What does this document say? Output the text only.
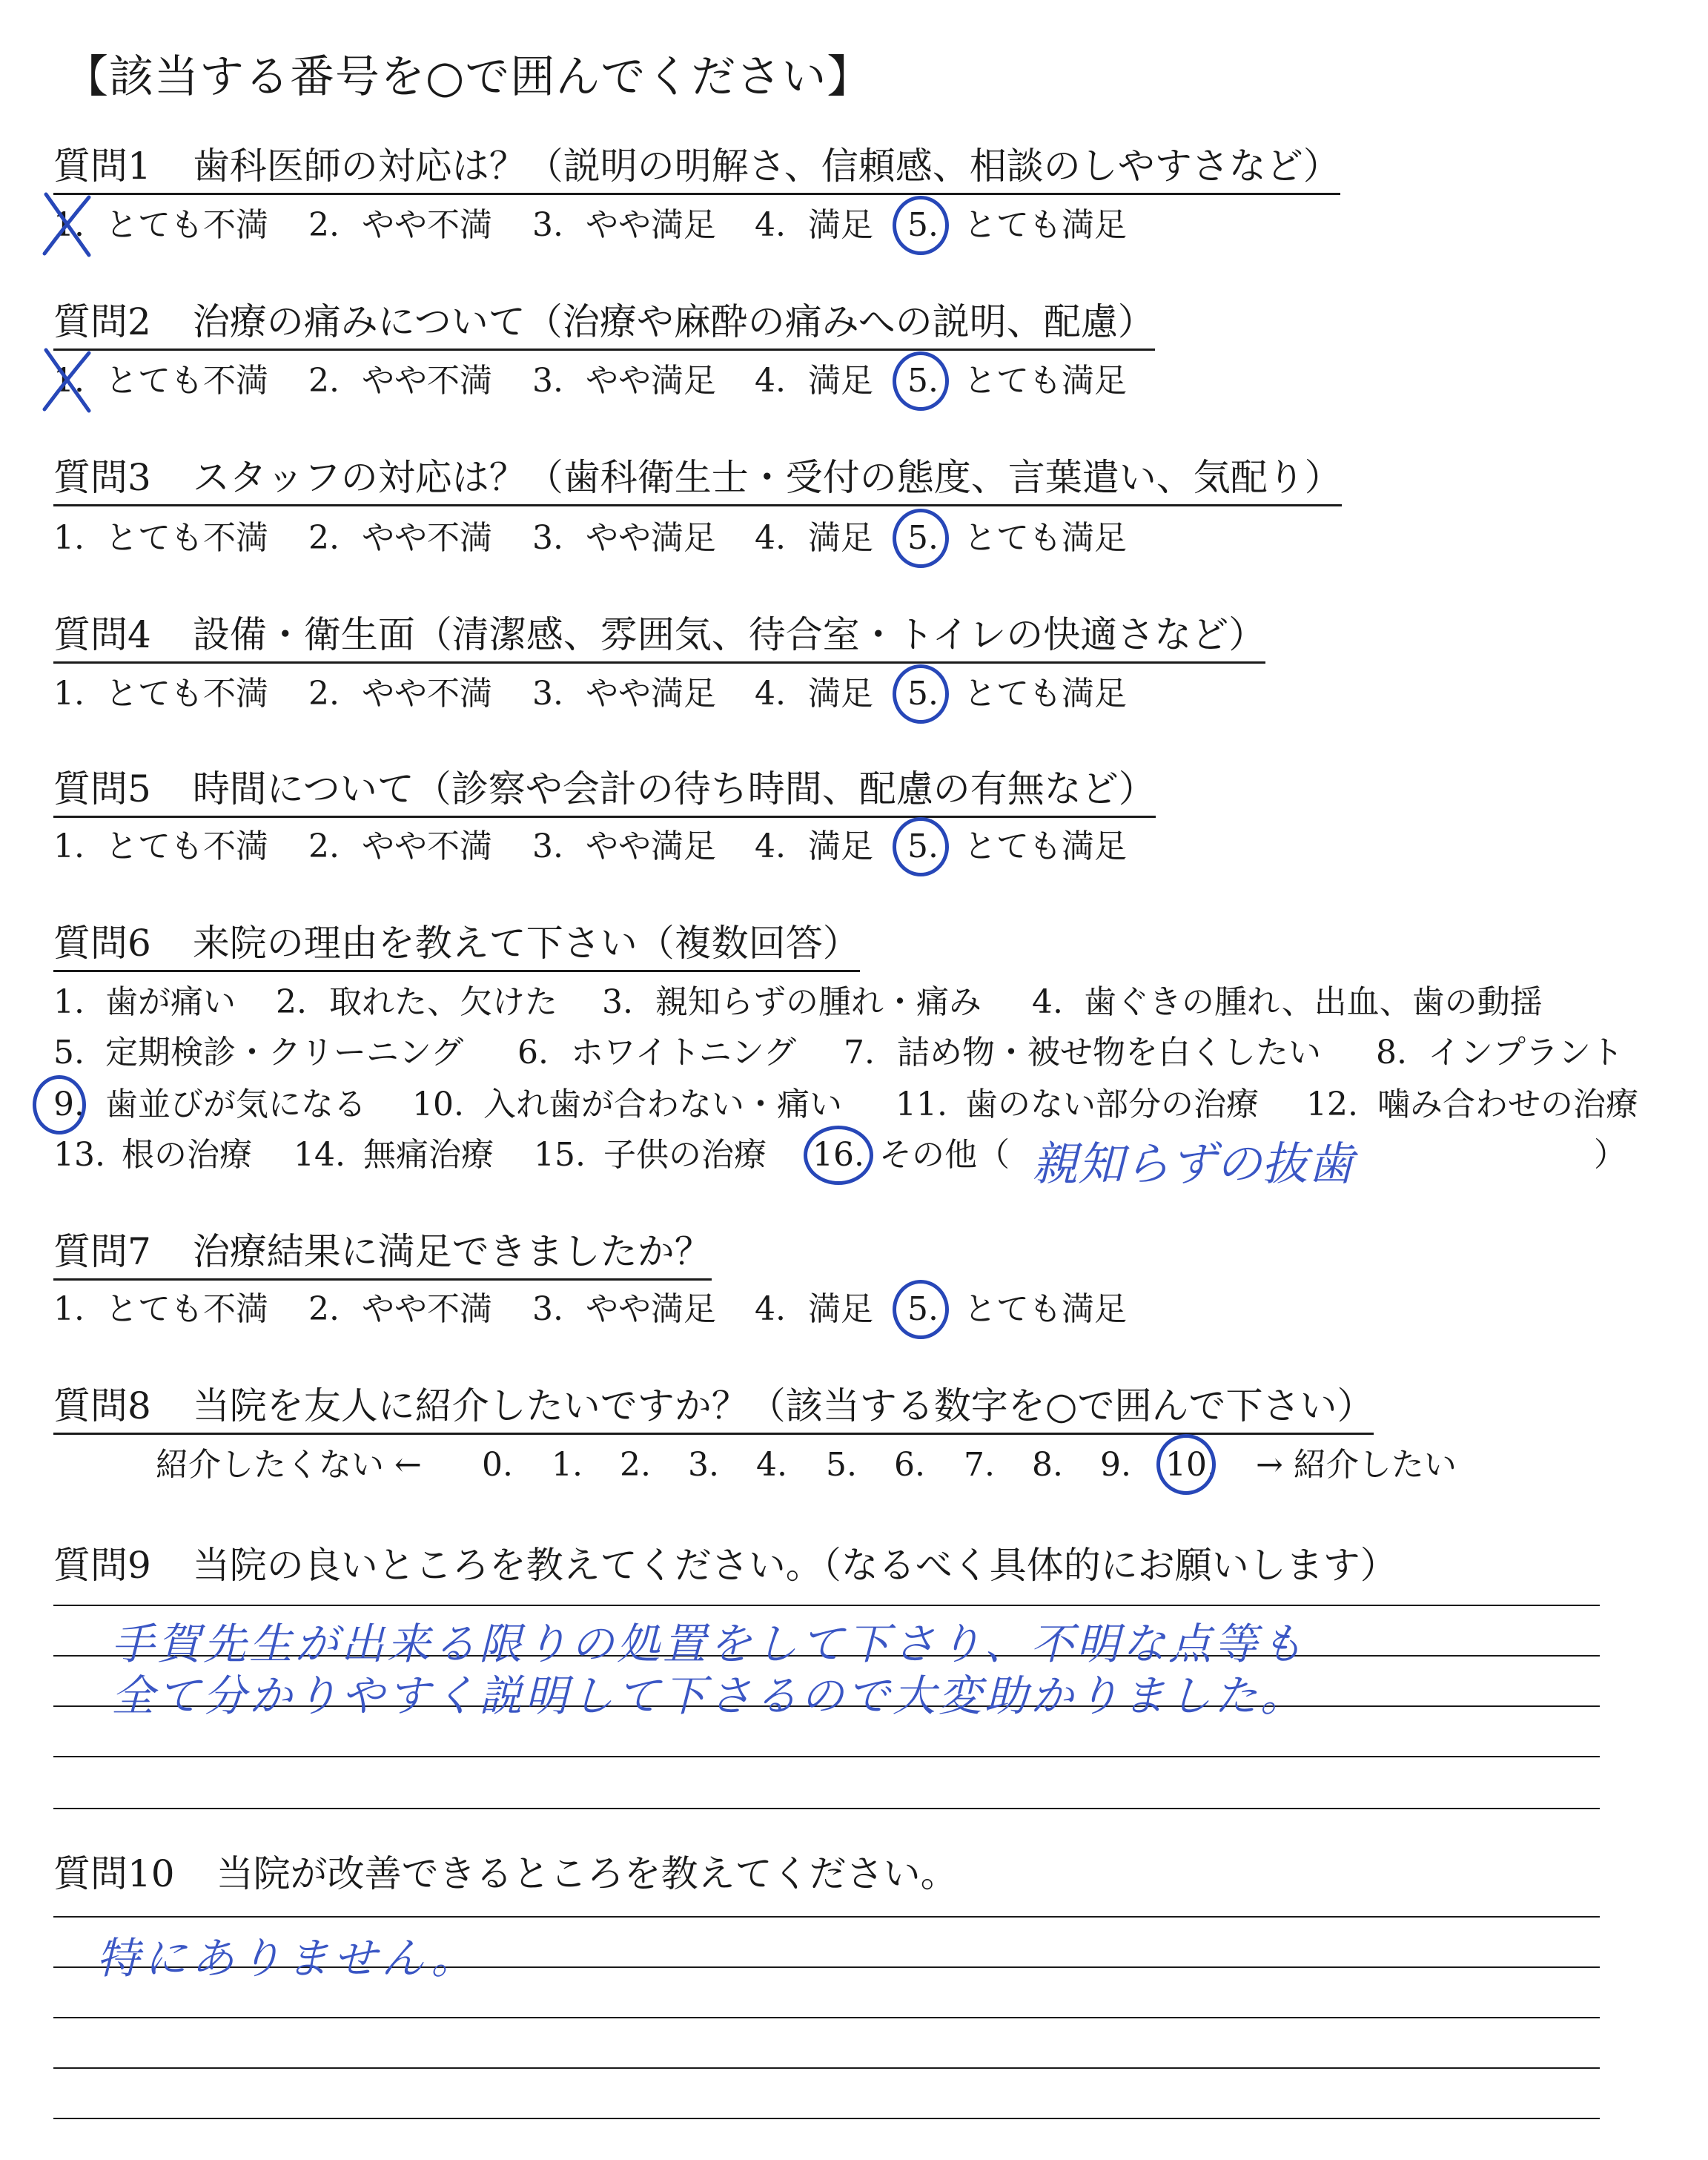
【該当する番号を○で囲んでください】
質問1 歯科医師の対応は？（説明の明解さ、信頼感、相談のしやすさなど）
1. とても不満 2. やや不満 3. やや満足 4. 満足 5. とても満足
質問2 治療の痛みについて（治療や麻酔の痛みへの説明、配慮）
1. とても不満 2. やや不満 3. やや満足 4. 満足 5. とても満足
質問3 スタッフの対応は？（歯科衛生士・受付の態度、言葉遣い、気配り）
1. とても不満 2. やや不満 3. やや満足 4. 満足 5. とても満足
質問4 設備・衛生面（清潔感、雰囲気、待合室・トイレの快適さなど）
1. とても不満 2. やや不満 3. やや満足 4. 満足 5. とても満足
質問5 時間について（診察や会計の待ち時間、配慮の有無など）
1. とても不満 2. やや不満 3. やや満足 4. 満足 5. とても満足
質問6 来院の理由を教えて下さい（複数回答）
1. 歯が痛い 2. 取れた、欠けた 3. 親知らずの腫れ・痛み 4. 歯ぐきの腫れ、出血、歯の動揺
5. 定期検診・クリーニング 6. ホワイトニング 7. 詰め物・被せ物を白くしたい 8. インプラント
9. 歯並びが気になる 10. 入れ歯が合わない・痛い 11. 歯のない部分の治療 12. 噛み合わせの治療
13. 根の治療 14. 無痛治療 15. 子供の治療 16. その他（	）
親知らずの抜歯
質問7 治療結果に満足できましたか？
1. とても不満 2. やや不満 3. やや満足 4. 満足 5. とても満足
質問8 当院を友人に紹介したいですか？（該当する数字を○で囲んで下さい）
紹介したくない ← 0. 1. 2. 3. 4. 5. 6. 7. 8. 9. 10. → 紹介したい
質問9 当院の良いところを教えてください。（なるべく具体的にお願いします）
手賀先生が出来る限りの処置をして下さり、不明な点等も
全て分かりやすく説明して下さるので大変助かりました。
質問10 当院が改善できるところを教えてください。
特にありません。
